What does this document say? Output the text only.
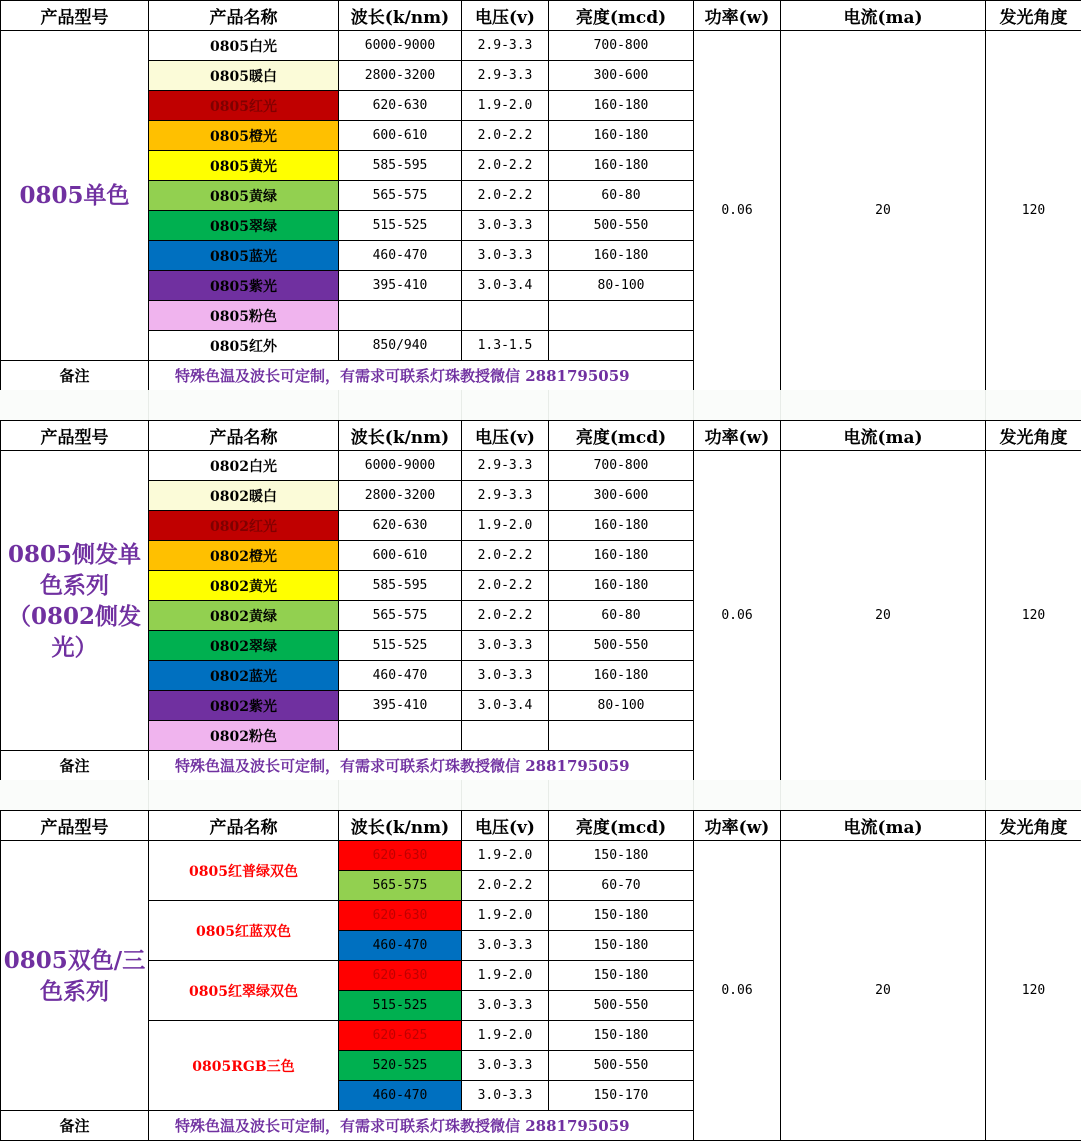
产品型号	产品名称	波长(k/nm)	电压(v)	亮度(mcd)	功率(w)	电流(ma)	发光角度
0805单色	0805白光	6000-9000	2.9-3.3	700-800	0.06	20	120
	0805暖白	2800-3200	2.9-3.3	300-600			
	0805红光	620-630	1.9-2.0	160-180			
	0805橙光	600-610	2.0-2.2	160-180			
	0805黄光	585-595	2.0-2.2	160-180			
	0805黄绿	565-575	2.0-2.2	60-80			
	0805翠绿	515-525	3.0-3.3	500-550			
	0805蓝光	460-470	3.0-3.3	160-180			
	0805紫光	395-410	3.0-3.4	80-100			
	0805粉色						
	0805红外	850/940	1.3-1.5				
备注	特殊色温及波长可定制，有需求可联系灯珠教授微信 2881795059						
产品型号	产品名称	波长(k/nm)	电压(v)	亮度(mcd)	功率(w)	电流(ma)	发光角度
0805侧发单色系列（0802侧发光）	0802白光	6000-9000	2.9-3.3	700-800	0.06	20	120
	0802暖白	2800-3200	2.9-3.3	300-600			
	0802红光	620-630	1.9-2.0	160-180			
	0802橙光	600-610	2.0-2.2	160-180			
	0802黄光	585-595	2.0-2.2	160-180			
	0802黄绿	565-575	2.0-2.2	60-80			
	0802翠绿	515-525	3.0-3.3	500-550			
	0802蓝光	460-470	3.0-3.3	160-180			
	0802紫光	395-410	3.0-3.4	80-100			
	0802粉色						
备注	特殊色温及波长可定制，有需求可联系灯珠教授微信 2881795059						
产品型号	产品名称	波长(k/nm)	电压(v)	亮度(mcd)	功率(w)	电流(ma)	发光角度
0805双色/三色系列	0805红普绿双色	620-630	1.9-2.0	150-180	0.06	20	120
		565-575	2.0-2.2	60-70			
	0805红蓝双色	620-630	1.9-2.0	150-180			
		460-470	3.0-3.3	150-180			
	0805红翠绿双色	620-630	1.9-2.0	150-180			
		515-525	3.0-3.3	500-550			
	0805RGB三色	620-625	1.9-2.0	150-180			
		520-525	3.0-3.3	500-550			
		460-470	3.0-3.3	150-170			
备注	特殊色温及波长可定制，有需求可联系灯珠教授微信 2881795059						
